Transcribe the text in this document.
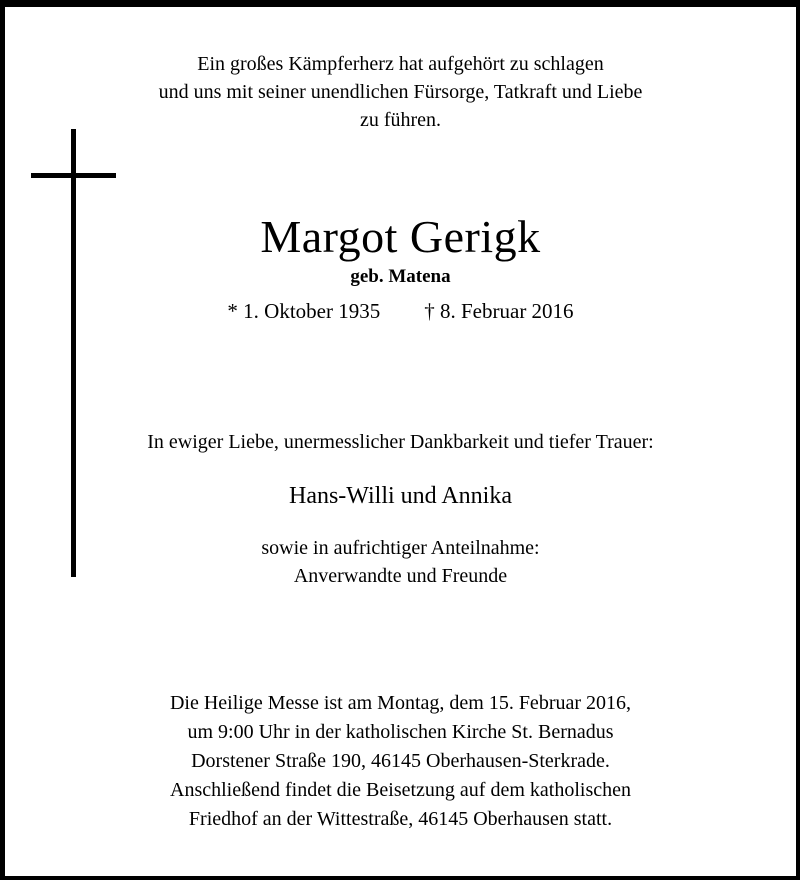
Ein großes Kämpferherz hat aufgehört zu schlagen
und uns mit seiner unendlichen Fürsorge, Tatkraft und Liebe
zu führen.
Margot Gerigk
geb. Matena
* 1. Oktober 1935 † 8. Februar 2016
In ewiger Liebe, unermesslicher Dankbarkeit und tiefer Trauer:
Hans-Willi und Annika
sowie in aufrichtiger Anteilnahme:
Anverwandte und Freunde
Die Heilige Messe ist am Montag, dem 15. Februar 2016,
um 9:00 Uhr in der katholischen Kirche St. Bernadus
Dorstener Straße 190, 46145 Oberhausen-Sterkrade.
Anschließend findet die Beisetzung auf dem katholischen
Friedhof an der Wittestraße, 46145 Oberhausen statt.
